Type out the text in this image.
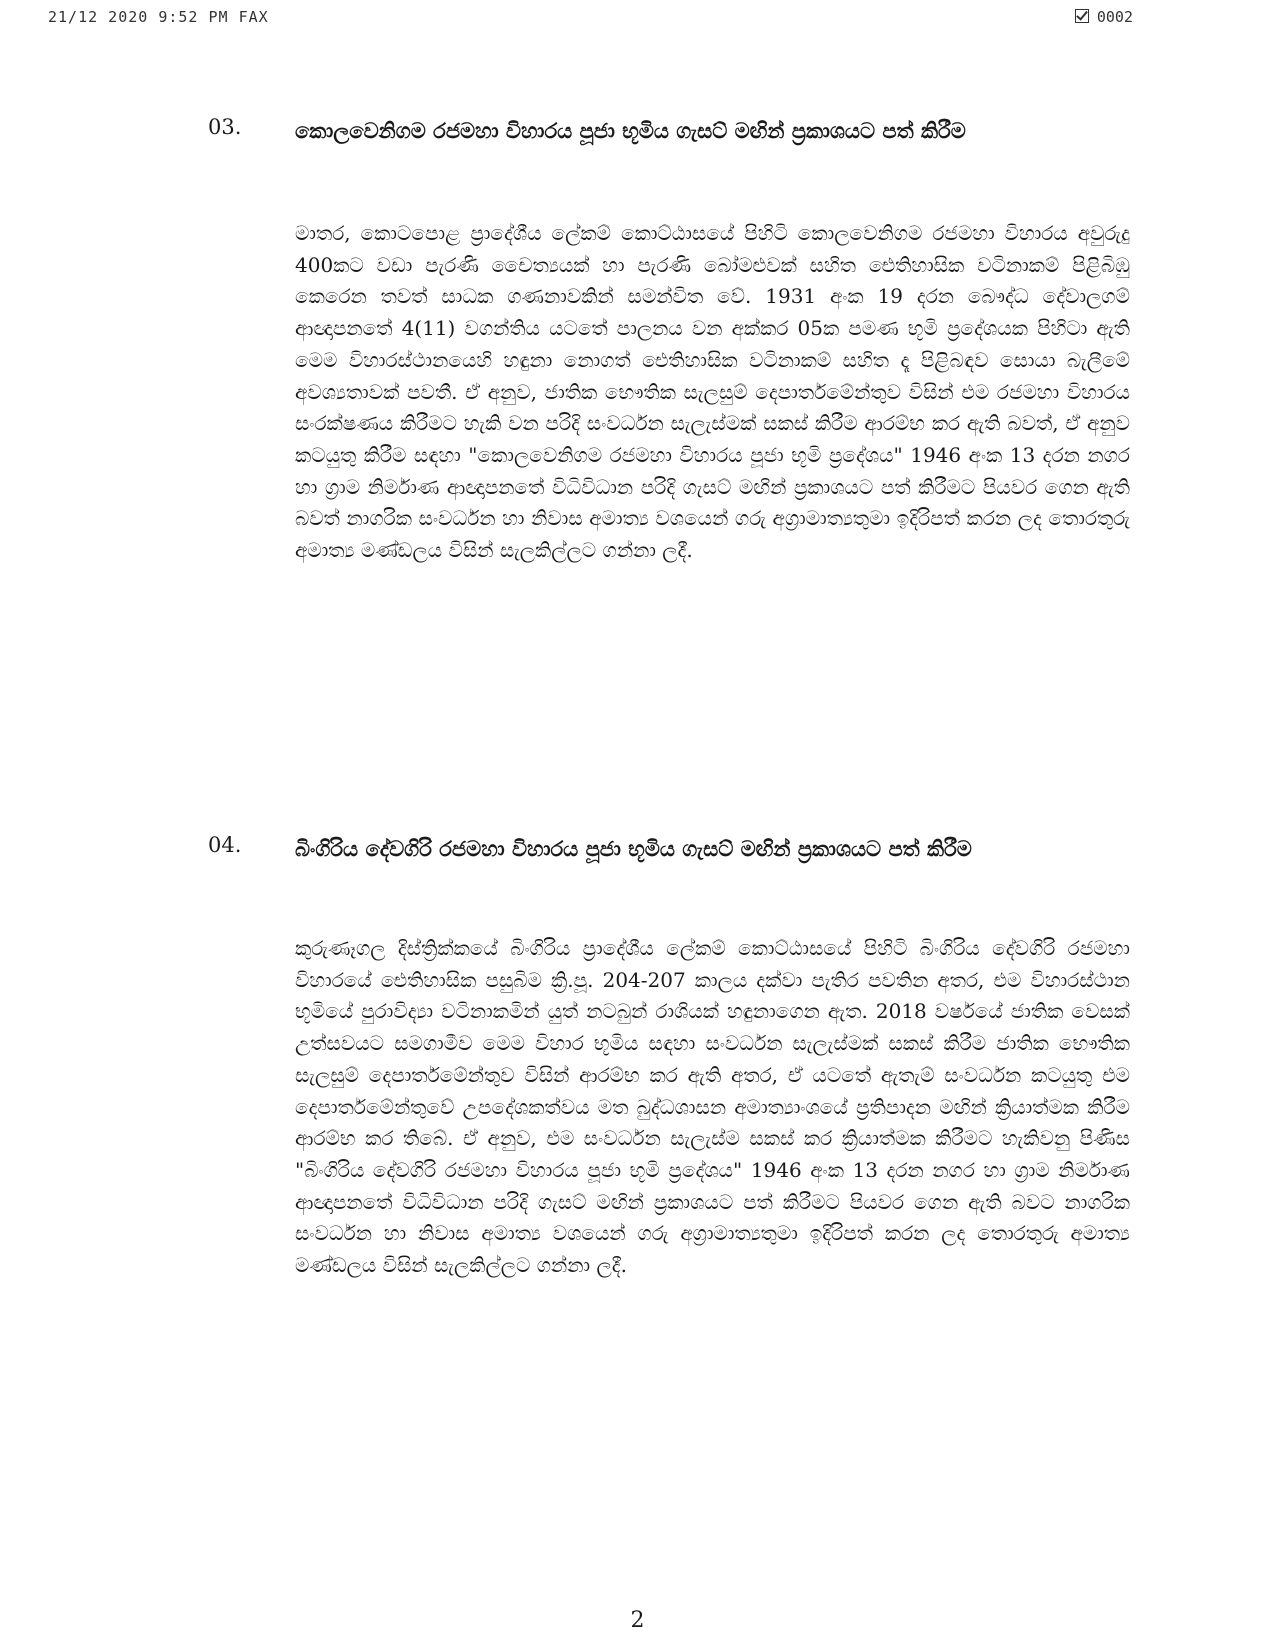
21/12 2020 9:52 PM FAX	0002
03.	කොලවෙනිගම රජමහා විහාරය පූජා භූමිය ගැසට් මඟින් ප්‍රකාශයට පත් කිරීම
මාතර, කොටපොළ ප්‍රාදේශීය ලේකම් කොට්ඨාසයේ පිහිටි කොලවෙනිගම රජමහා විහාරය අවුරුදු 400කට වඩා පැරණි චෛත්‍යයක් හා පැරණි බෝමළුවක් සහිත ඓතිහාසික වටිනාකම් පිළිබිඹු කෙරෙන තවත් සාධක ගණනාවකින් සමන්විත වේ. 1931 අංක 19 දරන බෞද්ධ දේවාලගම් ආඥාපනතේ 4(11) වගන්තිය යටතේ පාලනය වන අක්කර 05ක පමණ භූමි ප්‍රදේශයක පිහිටා ඇති මෙම විහාරස්ථානයෙහි හඳුනා නොගත් ඓතිහාසික වටිනාකම් සහිත දෑ පිළිබඳව සොයා බැලීමේ අවශ්‍යතාවක් පවතී. ඒ අනුව, ජාතික භෞතික සැලසුම් දෙපාර්තමේන්තුව විසින් එම රජමහා විහාරය සංරක්ෂණය කිරීමට හැකි වන පරිදි සංවර්ධන සැලැස්මක් සකස් කිරීම ආරම්භ කර ඇති බවත්, ඒ අනුව කටයුතු කිරීම සඳහා "කොලවෙනිගම රජමහා විහාරය පූජා භූමි ප්‍රදේශය" 1946 අංක 13 දරන නගර හා ග්‍රාම නිර්මාණ ආඥාපනතේ විධිවිධාන පරිදි ගැසට් මඟින් ප්‍රකාශයට පත් කිරීමට පියවර ගෙන ඇති බවත් නාගරික සංවර්ධන හා නිවාස අමාත්‍ය වශයෙන් ගරු අග්‍රාමාත්‍යතුමා ඉදිරිපත් කරන ලද තොරතුරු අමාත්‍ය මණ්ඩලය විසින් සැලකිල්ලට ගන්නා ලදී.
04.	බිංගිරිය දේවගිරි රජමහා විහාරය පූජා භූමිය ගැසට් මඟින් ප්‍රකාශයට පත් කිරීම
කුරුණෑගල දිස්ත්‍රික්කයේ බිංගිරිය ප්‍රාදේශීය ලේකම් කොට්ඨාසයේ පිහිටි බිංගිරිය දේවගිරි රජමහා විහාරයේ ඓතිහාසික පසුබිම ක්‍රි.පූ. 204-207 කාලය දක්වා පැතිර පවතින අතර, එම විහාරස්ථාන භූමියේ පුරාවිද්‍යා වටිනාකමින් යුත් නටබුන් රාශියක් හඳුනාගෙන ඇත. 2018 වර්ෂයේ ජාතික වෙසක් උත්සවයට සමගාමීව මෙම විහාර භූමිය සඳහා සංවර්ධන සැලැස්මක් සකස් කිරීම ජාතික භෞතික සැලසුම් දෙපාර්තමේන්තුව විසින් ආරම්භ කර ඇති අතර, ඒ යටතේ ඇතැම් සංවර්ධන කටයුතු එම දෙපාර්තමේන්තුවේ උපදේශකත්වය මත බුද්ධශාසන අමාත්‍යාංශයේ ප්‍රතිපාදන මඟින් ක්‍රියාත්මක කිරීම ආරම්භ කර තිබේ. ඒ අනුව, එම සංවර්ධන සැලැස්ම සකස් කර ක්‍රියාත්මක කිරීමට හැකිවනු පිණිස "බිංගිරිය දේවගිරි රජමහා විහාරය පූජා භූමි ප්‍රදේශය" 1946 අංක 13 දරන නගර හා ග්‍රාම නිර්මාණ ආඥාපනතේ විධිවිධාන පරිදි ගැසට් මඟින් ප්‍රකාශයට පත් කිරීමට පියවර ගෙන ඇති බවට නාගරික සංවර්ධන හා නිවාස අමාත්‍ය වශයෙන් ගරු අග්‍රාමාත්‍යතුමා ඉදිරිපත් කරන ලද තොරතුරු අමාත්‍ය මණ්ඩලය විසින් සැලකිල්ලට ගන්නා ලදී.
2
